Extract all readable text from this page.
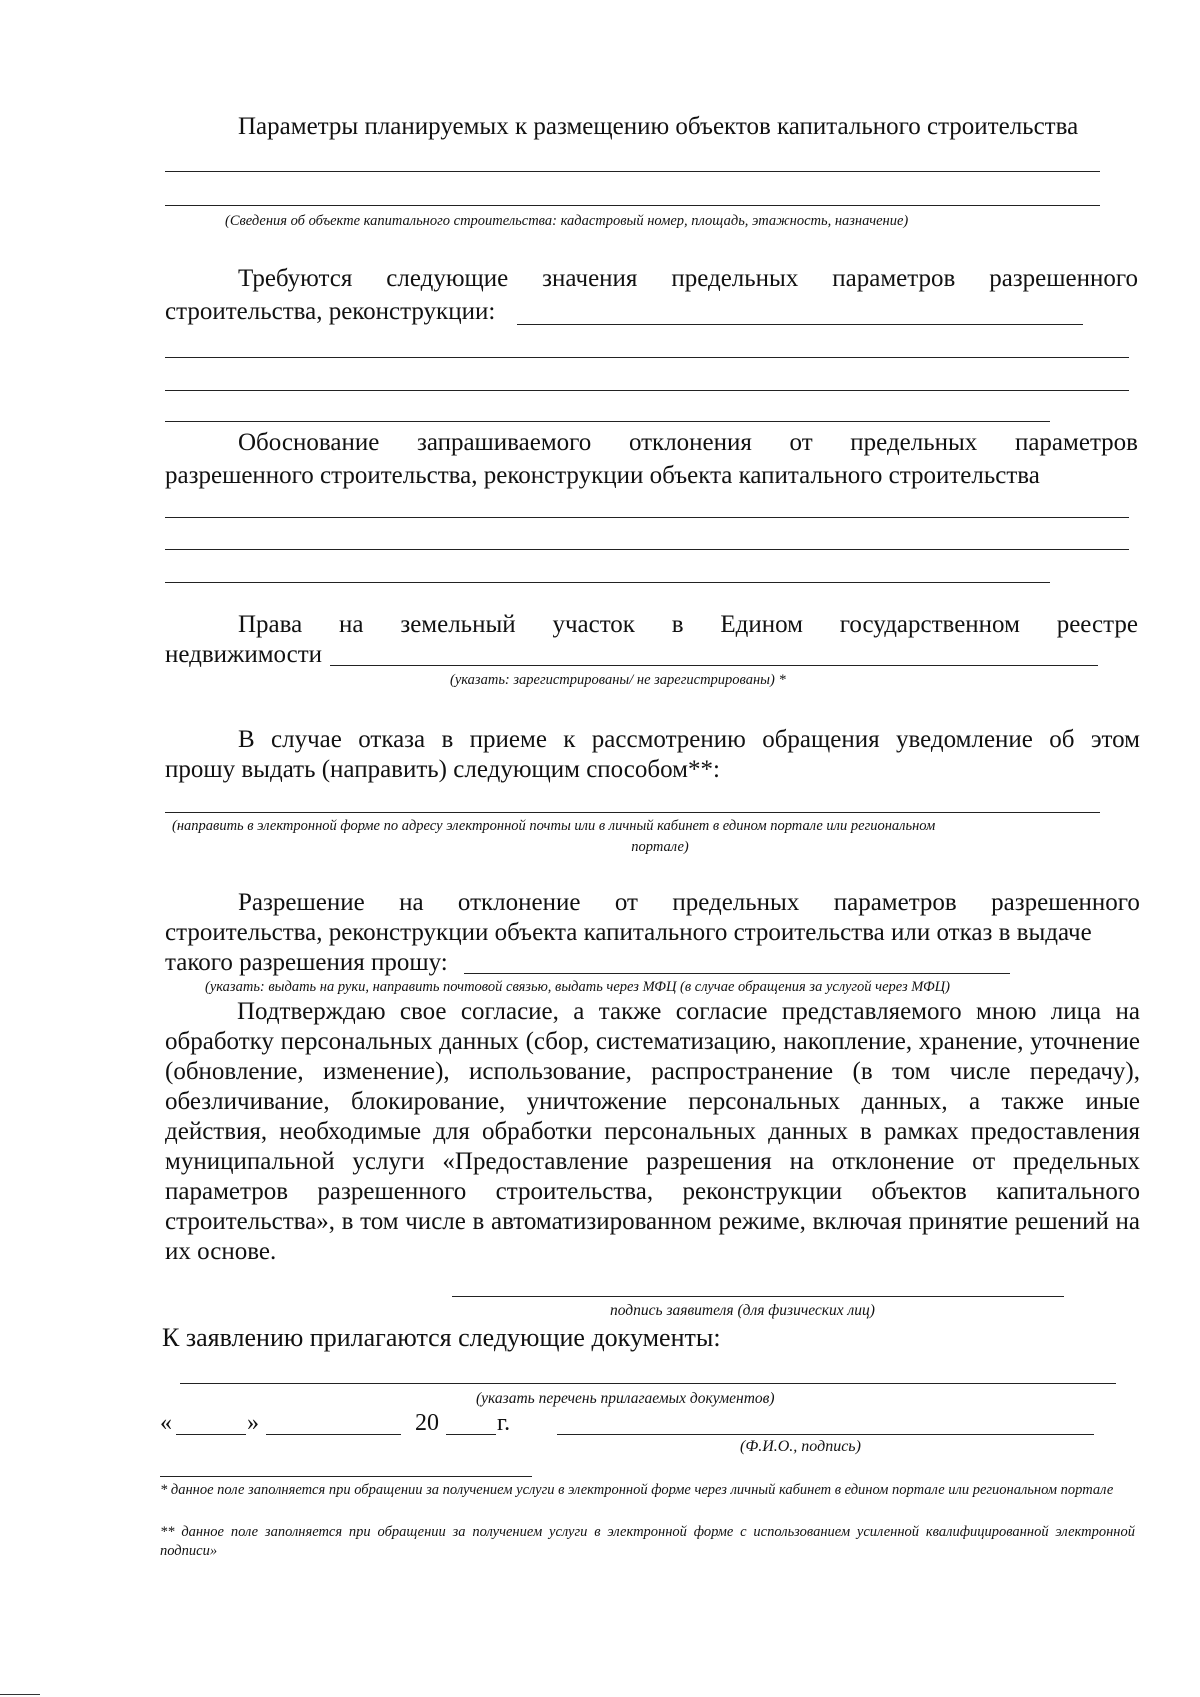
Параметры планируемых к размещению объектов капитального строительства
(Сведения об объекте капитального строительства: кадастровый номер, площадь, этажность, назначение)
Требуются следующие значения предельных параметров разрешенного
строительства, реконструкции:
Обоснование запрашиваемого отклонения от предельных параметров
разрешенного строительства, реконструкции объекта капитального строительства
Права на земельный участок в Едином государственном реестре
недвижимости
(указать: зарегистрированы/ не зарегистрированы) *
В случае отказа в приеме к рассмотрению обращения уведомление об этом
прошу выдать (направить) следующим способом**:
(направить в электронной форме по адресу электронной почты или в личный кабинет в едином портале или региональном
портале)
Разрешение на отклонение от предельных параметров разрешенного
строительства, реконструкции объекта капитального строительства или отказ в выдаче
такого разрешения прошу:
(указать: выдать на руки, направить почтовой связью, выдать через МФЦ (в случае обращения за услугой через МФЦ)
Подтверждаю свое согласие, а также согласие представляемого мною лица на обработку персональных данных (сбор, систематизацию, накопление, хранение, уточнение (обновление, изменение), использование, распространение (в том числе передачу), обезличивание, блокирование, уничтожение персональных данных, а также иные действия, необходимые для обработки персональных данных в рамках предоставления муниципальной услуги «Предоставление разрешения на отклонение от предельных параметров разрешенного строительства, реконструкции объектов капитального строительства», в том числе в автоматизированном режиме, включая принятие решений на их основе.
подпись заявителя (для физических лиц)
К заявлению прилагаются следующие документы:
(указать перечень прилагаемых документов)
«	»	20 г.
(Ф.И.О., подпись)
* данное поле заполняется при обращении за получением услуги в электронной форме через личный кабинет в едином портале или региональном портале
** данное поле заполняется при обращении за получением услуги в электронной форме с использованием усиленной квалифицированной электронной подписи»
